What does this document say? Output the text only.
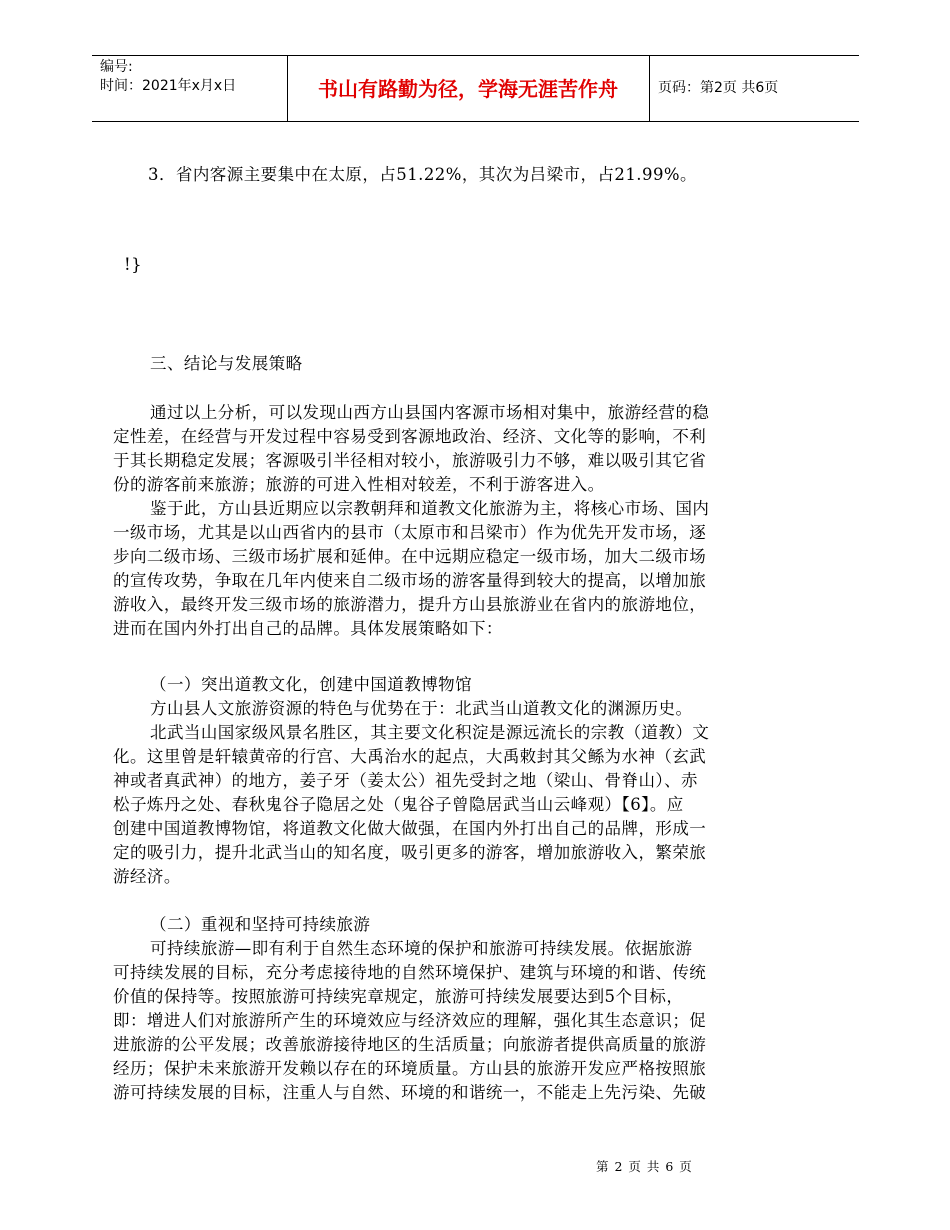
编号:
时间：2021年x月x日	书山有路勤为径，学海无涯苦作舟	页码：第2页 共6页
3．省内客源主要集中在太原，占51.22%，其次为吕梁市，占21.99%。
!}
三、结论与发展策略
通过以上分析，可以发现山西方山县国内客源市场相对集中，旅游经营的稳
定性差，在经营与开发过程中容易受到客源地政治、经济、文化等的影响，不利
于其长期稳定发展；客源吸引半径相对较小，旅游吸引力不够，难以吸引其它省
份的游客前来旅游；旅游的可进入性相对较差，不利于游客进入。
鉴于此，方山县近期应以宗教朝拜和道教文化旅游为主，将核心市场、国内
一级市场，尤其是以山西省内的县市（太原市和吕梁市）作为优先开发市场，逐
步向二级市场、三级市场扩展和延伸。在中远期应稳定一级市场，加大二级市场
的宣传攻势，争取在几年内使来自二级市场的游客量得到较大的提高，以增加旅
游收入，最终开发三级市场的旅游潜力，提升方山县旅游业在省内的旅游地位，
进而在国内外打出自己的品牌。具体发展策略如下：
（一）突出道教文化，创建中国道教博物馆
方山县人文旅游资源的特色与优势在于：北武当山道教文化的渊源历史。
北武当山国家级风景名胜区，其主要文化积淀是源远流长的宗教（道教）文
化。这里曾是轩辕黄帝的行宫、大禹治水的起点，大禹敕封其父鲧为水神（玄武
神或者真武神）的地方，姜子牙（姜太公）祖先受封之地（梁山、骨脊山）、赤
松子炼丹之处、春秋鬼谷子隐居之处（鬼谷子曾隐居武当山云峰观）【6】。应
创建中国道教博物馆，将道教文化做大做强，在国内外打出自己的品牌，形成一
定的吸引力，提升北武当山的知名度，吸引更多的游客，增加旅游收入，繁荣旅
游经济。
（二）重视和坚持可持续旅游
可持续旅游—即有利于自然生态环境的保护和旅游可持续发展。依据旅游
可持续发展的目标，充分考虑接待地的自然环境保护、建筑与环境的和谐、传统
价值的保持等。按照旅游可持续宪章规定，旅游可持续发展要达到5个目标，
即：增进人们对旅游所产生的环境效应与经济效应的理解，强化其生态意识；促
进旅游的公平发展；改善旅游接待地区的生活质量；向旅游者提供高质量的旅游
经历；保护未来旅游开发赖以存在的环境质量。方山县的旅游开发应严格按照旅
游可持续发展的目标，注重人与自然、环境的和谐统一，不能走上先污染、先破
第 2 页 共 6 页
